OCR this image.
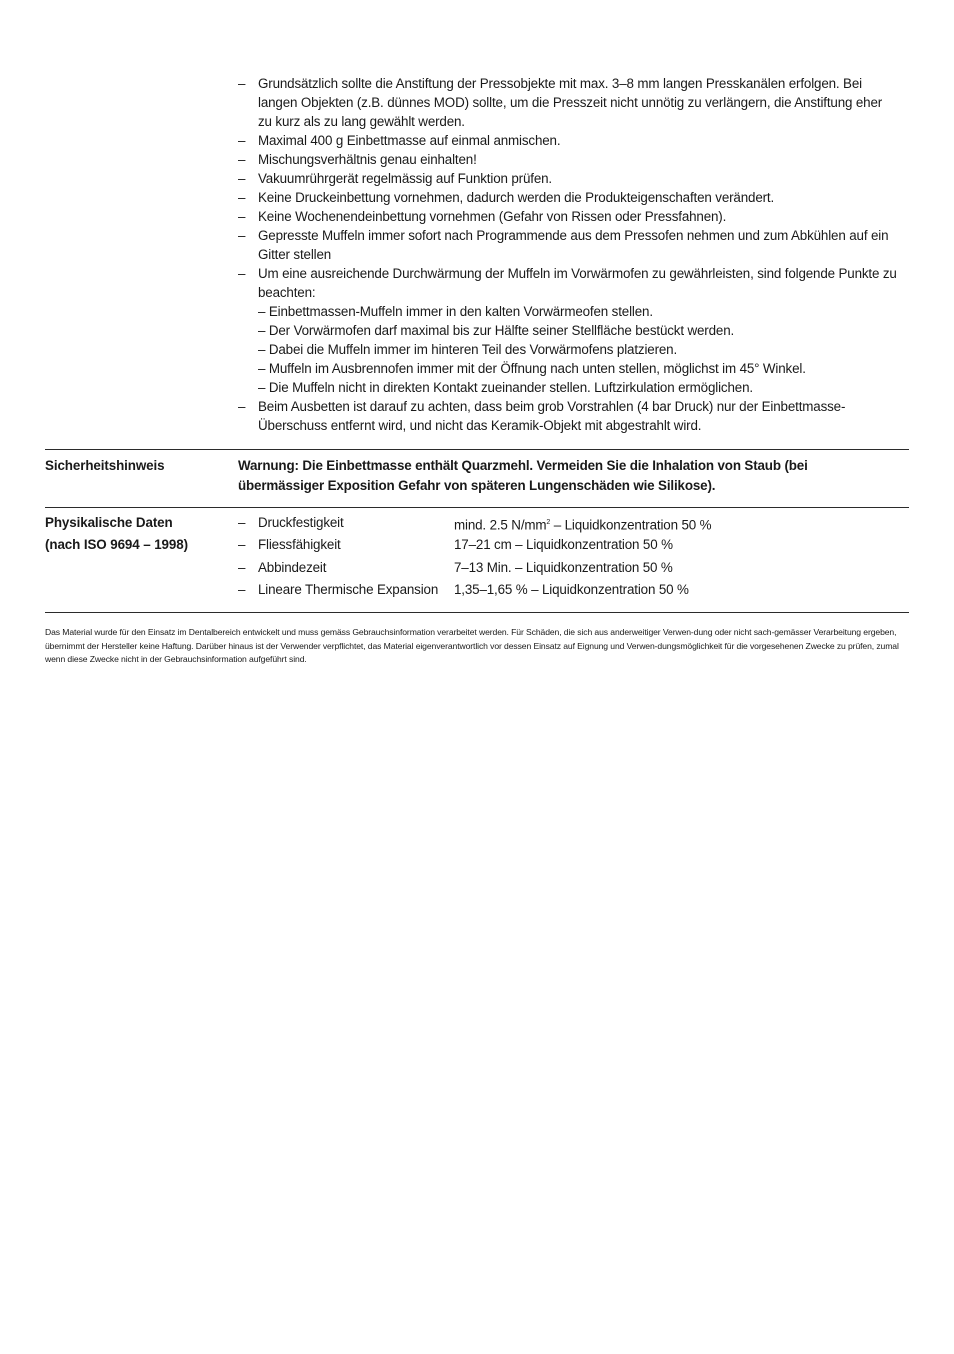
– Grundsätzlich sollte die Anstiftung der Pressobjekte mit max. 3–8 mm langen Presskanälen erfolgen. Bei langen Objekten (z.B. dünnes MOD) sollte, um die Presszeit nicht unnötig zu verlängern, die Anstiftung eher zu kurz als zu lang gewählt werden.
– Maximal 400 g Einbettmasse auf einmal anmischen.
– Mischungsverhältnis genau einhalten!
– Vakuumrührgerät regelmässig auf Funktion prüfen.
– Keine Druckeinbettung vornehmen, dadurch werden die Produkteigenschaften verändert.
– Keine Wochenendeinbettung vornehmen (Gefahr von Rissen oder Pressfahnen).
– Gepresste Muffeln immer sofort nach Programmende aus dem Pressofen nehmen und zum Abkühlen auf ein Gitter stellen
– Um eine ausreichende Durchwärmung der Muffeln im Vorwärmofen zu gewährleisten, sind folgende Punkte zu beachten:
– Einbettmassen-Muffeln immer in den kalten Vorwärmeofen stellen.
– Der Vorwärmofen darf maximal bis zur Hälfte seiner Stellfläche bestückt werden.
– Dabei die Muffeln immer im hinteren Teil des Vorwärmofens platzieren.
– Muffeln im Ausbrennofen immer mit der Öffnung nach unten stellen, möglichst im 45° Winkel.
– Die Muffeln nicht in direkten Kontakt zueinander stellen. Luftzirkulation ermöglichen.
– Beim Ausbetten ist darauf zu achten, dass beim grob Vorstrahlen (4 bar Druck) nur der Einbettmasse-Überschuss entfernt wird, und nicht das Keramik-Objekt mit abgestrahlt wird.
Sicherheitshinweis	Warnung: Die Einbettmasse enthält Quarzmehl. Vermeiden Sie die Inhalation von Staub (bei übermässiger Exposition Gefahr von späteren Lungenschäden wie Silikose).
Physikalische Daten
(nach ISO 9694 – 1998)
– Druckfestigkeit	mind. 2.5 $N/mm^2$ – Liquidkonzentration 50 %
– Fliessfähigkeit	17–21 cm – Liquidkonzentration 50 %
– Abbindezeit	7–13 Min. – Liquidkonzentration 50 %
– Lineare Thermische Expansion 1,35–1,65 % – Liquidkonzentration 50 %
Das Material wurde für den Einsatz im Dentalbereich entwickelt und muss gemäss Gebrauchsinformation verarbeitet werden. Für Schäden, die sich aus anderweitiger Verwen-dung oder nicht sach-gemässer Verarbeitung ergeben, übernimmt der Hersteller keine Haftung. Darüber hinaus ist der Verwender verpflichtet, das Material eigenverantwortlich vor dessen Einsatz auf Eignung und Verwen-dungsmöglichkeit für die vorgesehenen Zwecke zu prüfen, zumal wenn diese Zwecke nicht in der Gebrauchsinformation aufgeführt sind.
